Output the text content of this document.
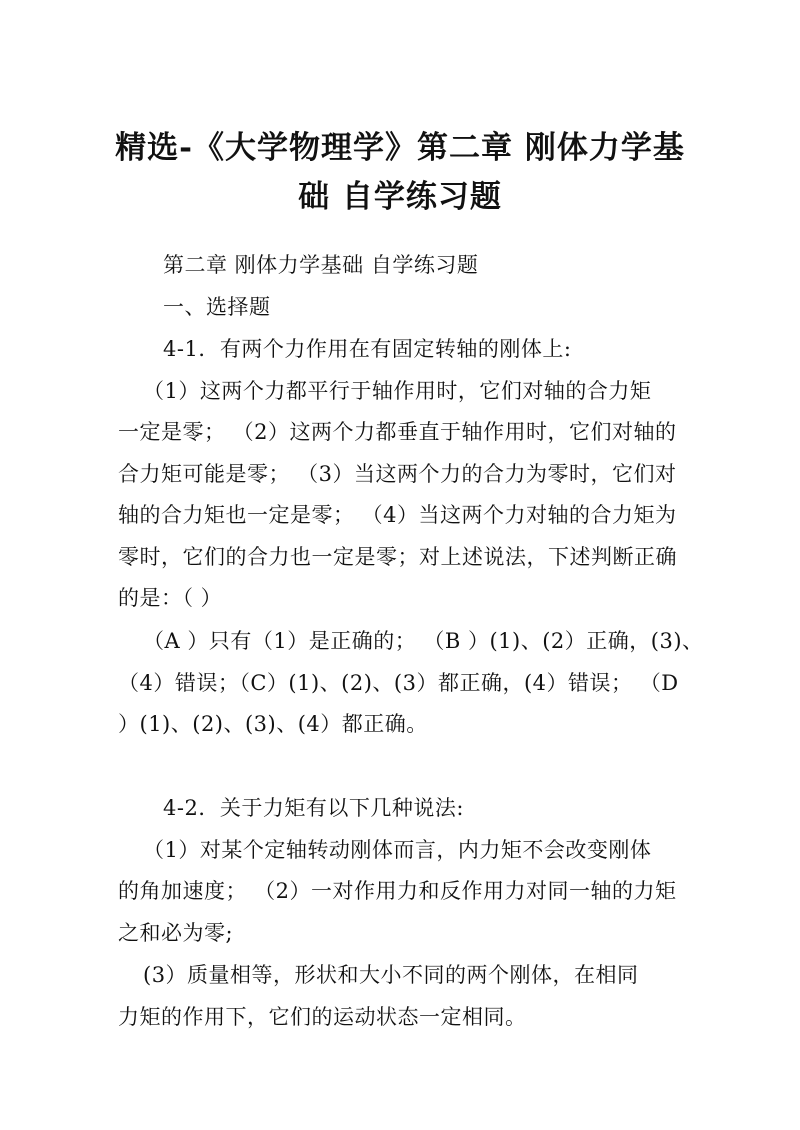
精选-《大学物理学》第二章 刚体力学基
础 自学练习题
第二章 刚体力学基础 自学练习题
一、选择题
4-1．有两个力作用在有固定转轴的刚体上:
（1）这两个力都平行于轴作用时，它们对轴的合力矩
一定是零； （2）这两个力都垂直于轴作用时，它们对轴的
合力矩可能是零； （3）当这两个力的合力为零时，它们对
轴的合力矩也一定是零； （4）当这两个力对轴的合力矩为
零时，它们的合力也一定是零；对上述说法，下述判断正确
的是：（ ）
（A ）只有（1）是正确的； （B ）(1)、(2）正确，(3)、
（4）错误；（C）(1)、(2)、(3）都正确，(4）错误； （D
）(1)、(2)、(3)、(4）都正确。
4-2．关于力矩有以下几种说法:
（1）对某个定轴转动刚体而言，内力矩不会改变刚体
的角加速度； （2）一对作用力和反作用力对同一轴的力矩
之和必为零;
(3）质量相等，形状和大小不同的两个刚体，在相同
力矩的作用下，它们的运动状态一定相同。
